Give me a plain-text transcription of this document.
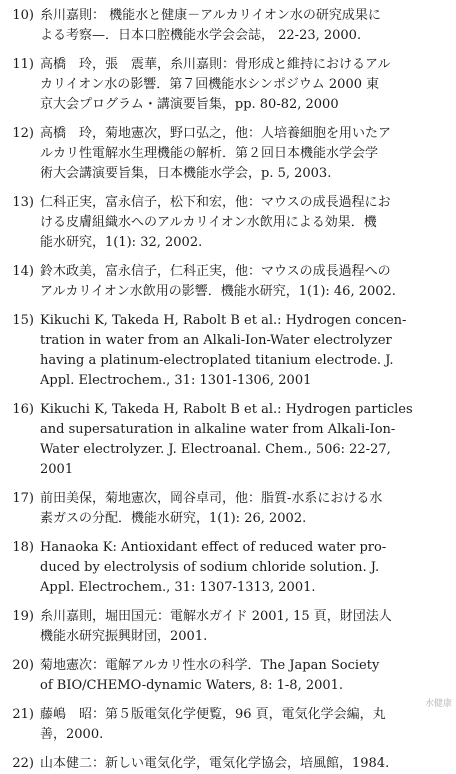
10) 糸川嘉則： 機能水と健康－アルカリイオン水の研究成果に
よる考察—．日本口腔機能水学会会誌， 22-23, 2000.
11) 高橋　玲，張　震華，糸川嘉則：骨形成と維持におけるアル
カリイオン水の影響．第７回機能水シンポジウム 2000 東
京大会プログラム・講演要旨集，pp. 80-82, 2000
12) 高橋　玲，菊地憲次，野口弘之，他：人培養細胞を用いたア
ルカリ性電解水生理機能の解析．第２回日本機能水学会学
術大会講演要旨集，日本機能水学会，p. 5, 2003.
13) 仁科正実，富永信子，松下和宏，他：マウスの成長過程にお
ける皮膚組織水へのアルカリイオン水飲用による効果．機
能水研究，1(1): 32, 2002.
14) 鈴木政美，富永信子，仁科正実，他：マウスの成長過程への
アルカリイオン水飲用の影響．機能水研究，1(1): 46, 2002.
15) Kikuchi K, Takeda H, Rabolt B et al.: Hydrogen concen-
tration in water from an Alkali-Ion-Water electrolyzer
having a platinum-electroplated titanium electrode. J.
Appl. Electrochem., 31: 1301-1306, 2001
16) Kikuchi K, Takeda H, Rabolt B et al.: Hydrogen particles
and supersaturation in alkaline water from Alkali-Ion-
Water electrolyzer. J. Electroanal. Chem., 506: 22-27,
2001
17) 前田美保，菊地憲次，岡谷卓司，他：脂質-水系における水
素ガスの分配．機能水研究，1(1): 26, 2002.
18) Hanaoka K: Antioxidant effect of reduced water pro-
duced by electrolysis of sodium chloride solution. J.
Appl. Electrochem., 31: 1307-1313, 2001.
19) 糸川嘉則，堀田国元：電解水ガイド 2001, 15 頁，財団法人
機能水研究振興財団，2001.
20) 菊地憲次：電解アルカリ性水の科学．The Japan Society
of BIO/CHEMO-dynamic Waters, 8: 1-8, 2001.
21) 藤嶋　昭：第５版電気化学便覧，96 頁，電気化学会編，丸
善，2000.
22) 山本健二：新しい電気化学，電気化学協会，培風館，1984.
水健康
